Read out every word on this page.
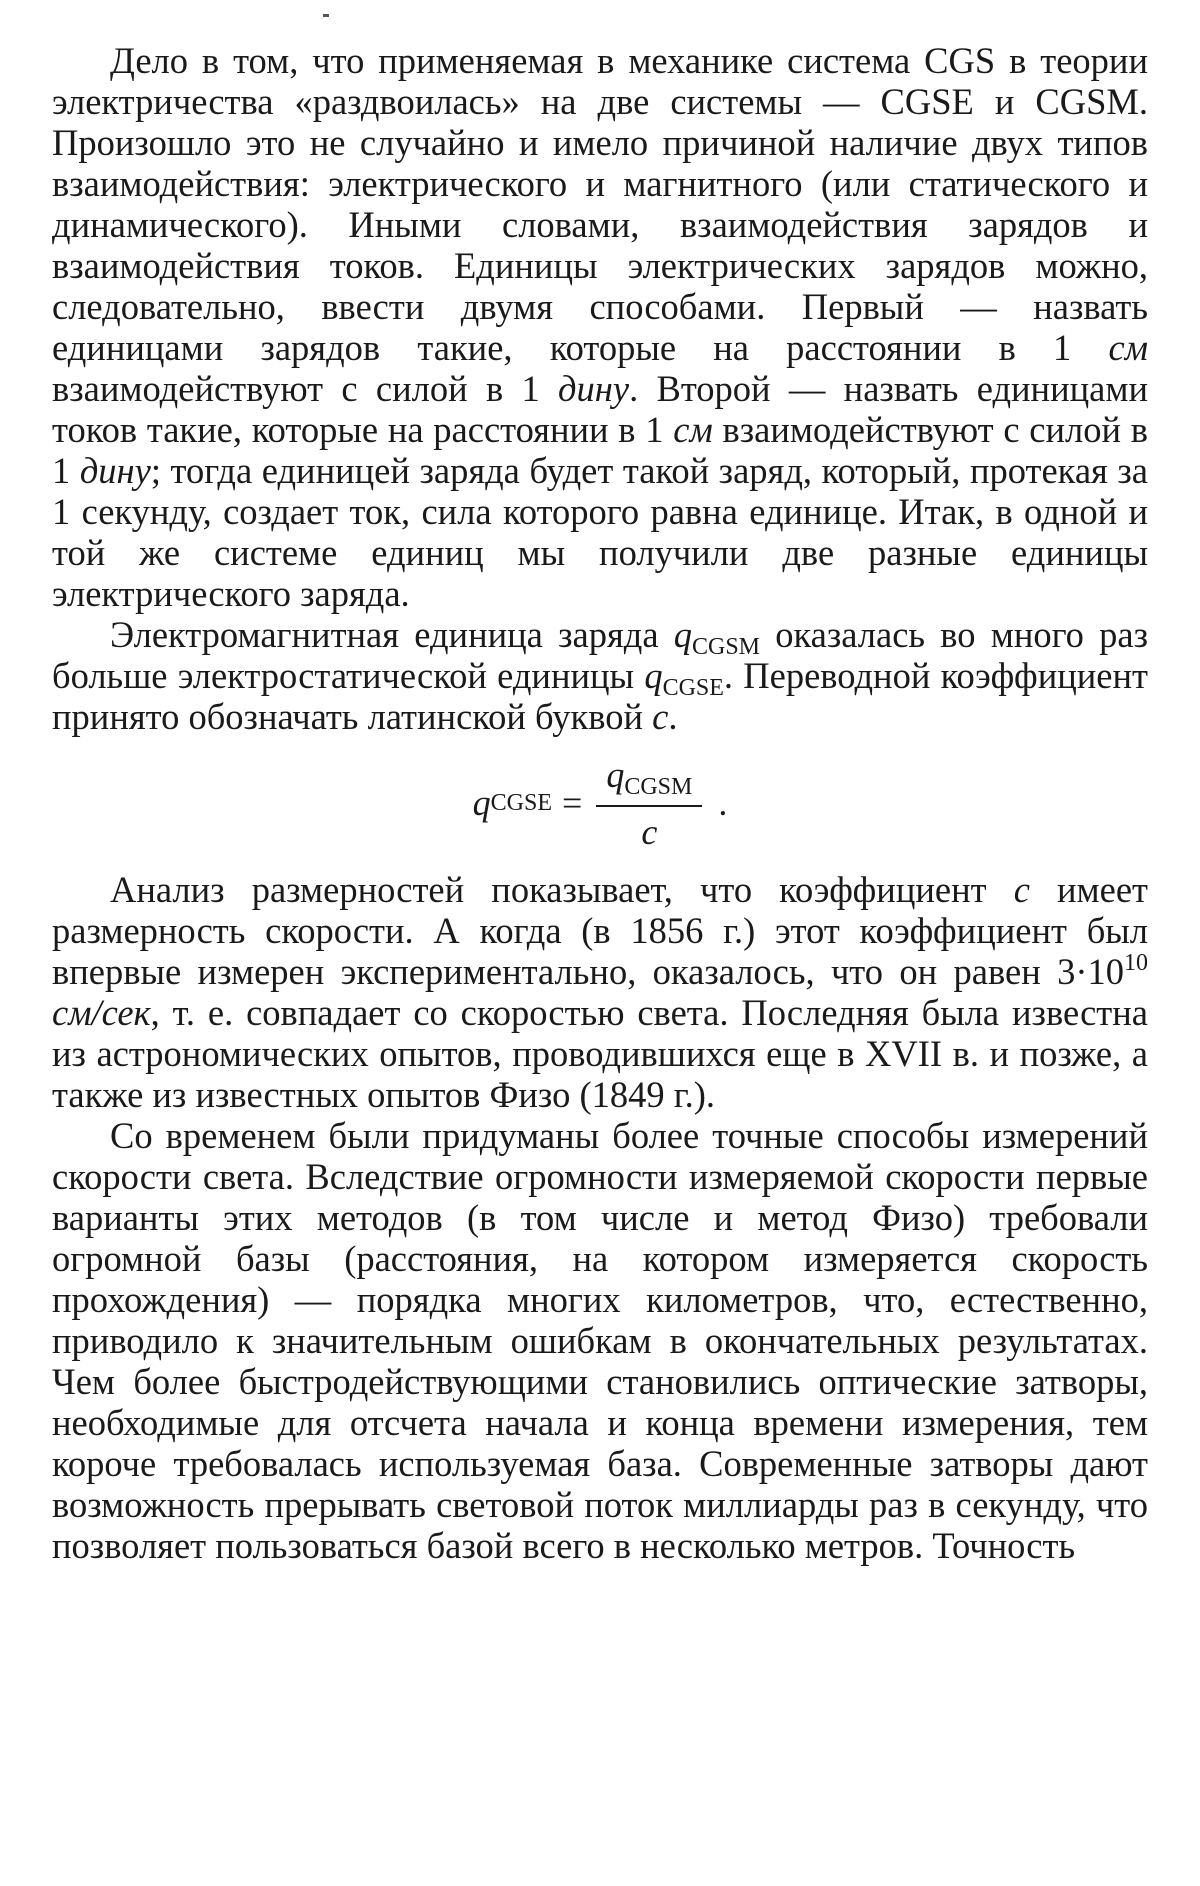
Дело в том, что применяемая в механике система CGS в теории электричества «раздвоилась» на две системы — CGSE и CGSM. Произошло это не случайно и имело причиной наличие двух типов взаимодействия: электрического и магнитного (или статического и динамического). Иными словами, взаимодействия зарядов и взаимодействия токов. Единицы электрических зарядов можно, следовательно, ввести двумя способами. Первый — назвать единицами зарядов такие, которые на расстоянии в 1 см взаимодействуют с силой в 1 дину. Второй — назвать единицами токов такие, которые на расстоянии в 1 см взаимодействуют с силой в 1 дину; тогда единицей заряда будет такой заряд, который, протекая за 1 секунду, создает ток, сила которого равна единице. Итак, в одной и той же системе единиц мы получили две разные единицы электрического заряда.

Электромагнитная единица заряда $q_{CGSM}$ оказалась во много раз больше электростатической единицы $q_{CGSE}$. Переводной коэффициент принято обозначать латинской буквой c.

q CGSE = $\frac{\text{qCGSM}}{c}$ .

Анализ размерностей показывает, что коэффициент c имеет размерность скорости. А когда (в 1856 г.) этот коэффициент был впервые измерен экспериментально, оказалось, что он равен $3\cdot 10^{10}$ см/сек, т. е. совпадает со скоростью света. Последняя была известна из астрономических опытов, проводившихся еще в XVII в. и позже, а также из известных опытов Физо (1849 г.).

Со временем были придуманы более точные способы измерений скорости света. Вследствие огромности измеряемой скорости первые варианты этих методов (в том числе и метод Физо) требовали огромной базы (расстояния, на котором измеряется скорость прохождения) — порядка многих километров, что, естественно, приводило к значительным ошибкам в окончательных результатах. Чем более быстродействующими становились оптические затворы, необходимые для отсчета начала и конца времени измерения, тем короче требовалась используемая база. Современные затворы дают возможность прерывать световой поток миллиарды раз в секунду, что позволяет пользоваться базой всего в несколько метров. Точность
